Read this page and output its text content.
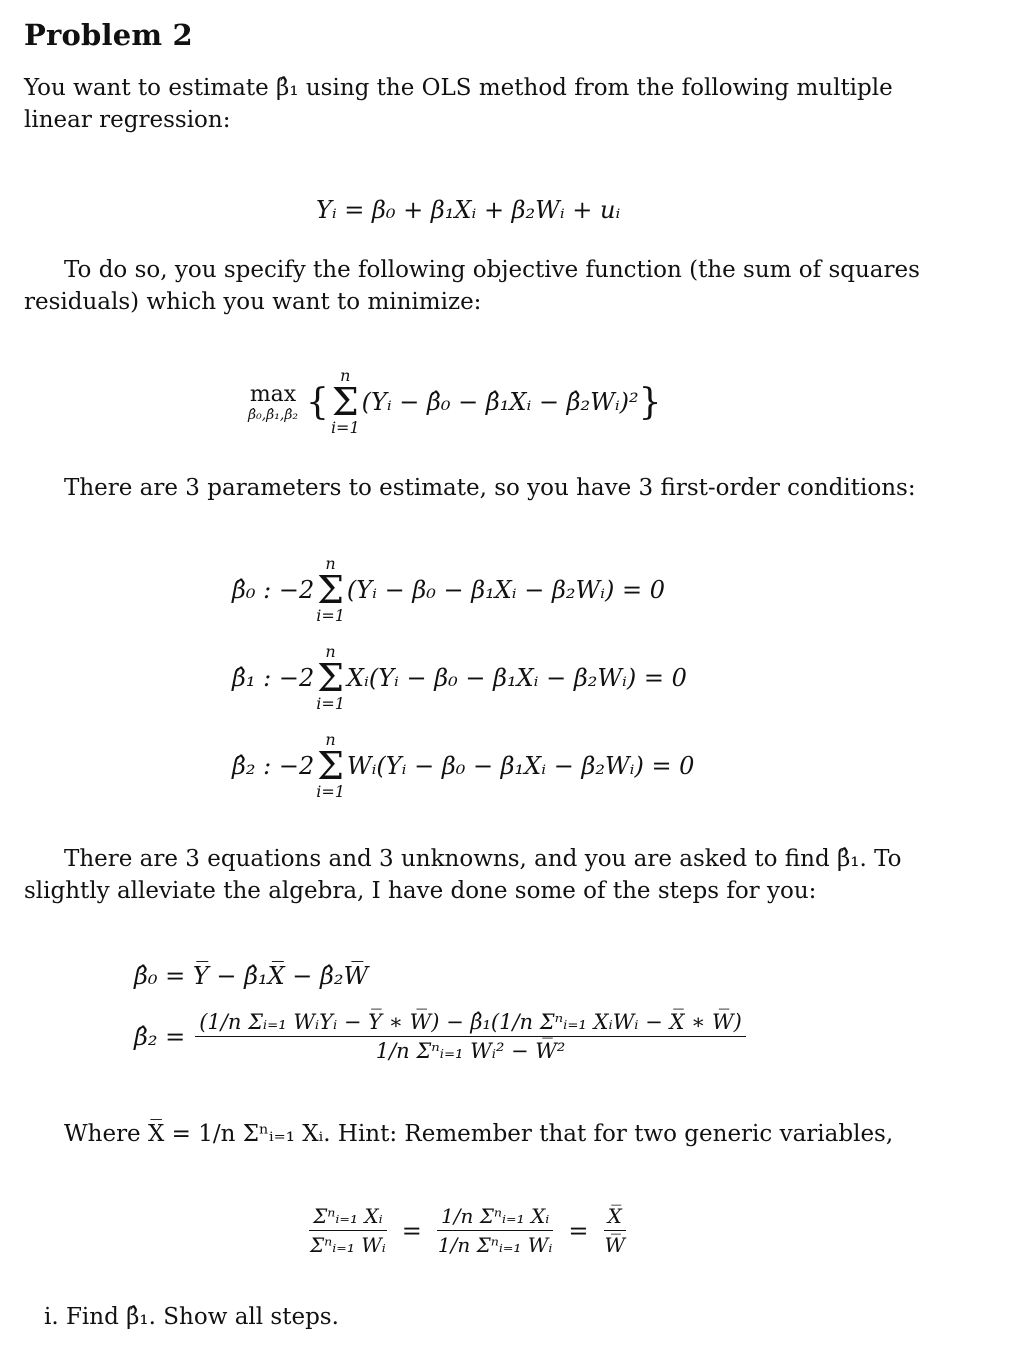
Problem 2
You want to estimate β̂₁ using the OLS method from the following multiple linear regression:
Yᵢ = β₀ + β₁Xᵢ + β₂Wᵢ + uᵢ
To do so, you specify the following objective function (the sum of squares residuals) which you want to minimize:
max
β̂₀,β̂₁,β̂₂ {
n
Σ
i=1
(Yᵢ − β̂₀ − β̂₁Xᵢ − β̂₂Wᵢ)² }
There are 3 parameters to estimate, so you have 3 first-order conditions:
β̂₀ : −2
n
Σ
i=1
(Yᵢ − β₀ − β₁Xᵢ − β₂Wᵢ) = 0
β̂₁ : −2
n
Σ
i=1
Xᵢ(Yᵢ − β₀ − β₁Xᵢ − β₂Wᵢ) = 0
β̂₂ : −2
n
Σ
i=1
Wᵢ(Yᵢ − β₀ − β₁Xᵢ − β₂Wᵢ) = 0
There are 3 equations and 3 unknowns, and you are asked to find β̂₁. To slightly alleviate the algebra, I have done some of the steps for you:
β̂₀ = Y̅ − β̂₁X̅ − β̂₂W̅
β̂₂ = $\frac{\text{(1/n Σᵢ₌₁ WᵢYᵢ − Y̅ ∗ W̅) − β̂₁(1/n Σⁿᵢ₌₁ XᵢWᵢ − X̅ ∗ W̅)}}{\text{1/n Σⁿᵢ₌₁ Wᵢ² − W̅²}}$
Where X̅ = 1/n Σⁿᵢ₌₁ Xᵢ. Hint: Remember that for two generic variables,
$\frac{\text{Σⁿᵢ₌₁ Xᵢ}}{\text{Σⁿᵢ₌₁ Wᵢ}} = \frac{\text{1/n Σⁿᵢ₌₁ Xᵢ}}{\text{1/n Σⁿᵢ₌₁ Wᵢ}} = \frac{X̅}{W̅}$
i. Find β̂₁. Show all steps.
